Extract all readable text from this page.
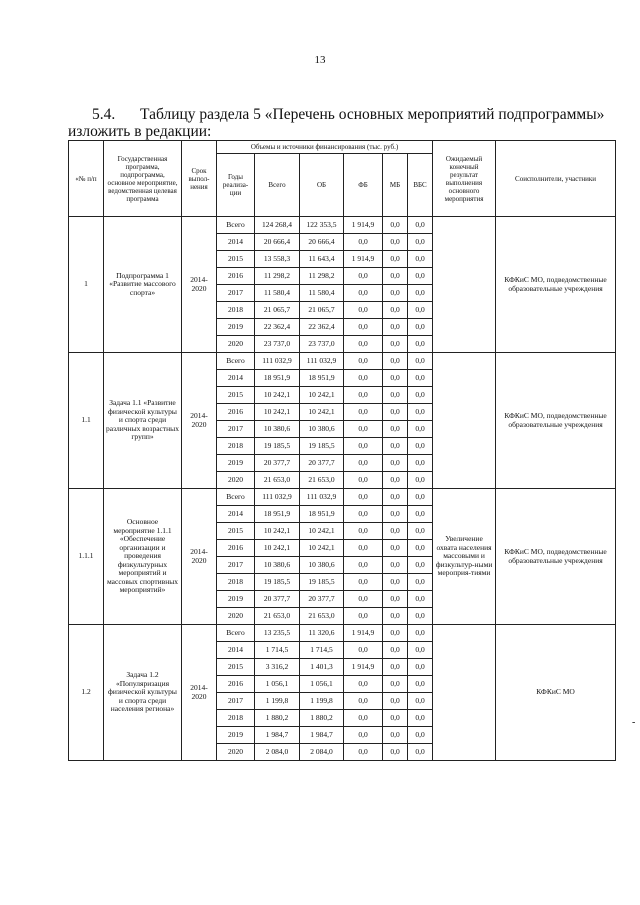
13
5.4. Таблицу раздела 5 «Перечень основных мероприятий подпрограммы» изложить в редакции:
«№ п/п	Государственная программа, подпрограмма, основное мероприятие, ведомственная целевая программа	Срок выпол-нения	Объемы и источники финансирования (тыс. руб.)						Ожидаемый конечный результат выполнения основного мероприятия	Соисполнители, участники
			Годы реализа-ции	Всего	ОБ	ФБ	МБ	ВБС		
1	Подпрограмма 1 «Развитие массового спорта»	2014-2020	Всего	124 268,4	122 353,5	1 914,9	0,0	0,0		КФКиС МО, подведомственные образовательные учреждения
			2014	20 666,4	20 666,4	0,0	0,0	0,0		
			2015	13 558,3	11 643,4	1 914,9	0,0	0,0		
			2016	11 298,2	11 298,2	0,0	0,0	0,0		
			2017	11 580,4	11 580,4	0,0	0,0	0,0		
			2018	21 065,7	21 065,7	0,0	0,0	0,0		
			2019	22 362,4	22 362,4	0,0	0,0	0,0		
			2020	23 737,0	23 737,0	0,0	0,0	0,0		
1.1	Задача 1.1 «Развитие физической культуры и спорта среди различных возрастных групп»	2014-2020	Всего	111 032,9	111 032,9	0,0	0,0	0,0		КФКиС МО, подведомственные образовательные учреждения
			2014	18 951,9	18 951,9	0,0	0,0	0,0		
			2015	10 242,1	10 242,1	0,0	0,0	0,0		
			2016	10 242,1	10 242,1	0,0	0,0	0,0		
			2017	10 380,6	10 380,6	0,0	0,0	0,0		
			2018	19 185,5	19 185,5	0,0	0,0	0,0		
			2019	20 377,7	20 377,7	0,0	0,0	0,0		
			2020	21 653,0	21 653,0	0,0	0,0	0,0		
1.1.1	Основное мероприятие 1.1.1 «Обеспечение организации и проведения физкультурных мероприятий и массовых спортивных мероприятий»	2014-2020	Всего	111 032,9	111 032,9	0,0	0,0	0,0	Увеличение охвата населения массовыми и физкультур-ными мероприя-тиями	КФКиС МО, подведомственные образовательные учреждения
			2014	18 951,9	18 951,9	0,0	0,0	0,0		
			2015	10 242,1	10 242,1	0,0	0,0	0,0		
			2016	10 242,1	10 242,1	0,0	0,0	0,0		
			2017	10 380,6	10 380,6	0,0	0,0	0,0		
			2018	19 185,5	19 185,5	0,0	0,0	0,0		
			2019	20 377,7	20 377,7	0,0	0,0	0,0		
			2020	21 653,0	21 653,0	0,0	0,0	0,0		
1.2	Задача 1.2 «Популяризация физической культуры и спорта среди населения региона»	2014-2020	Всего	13 235,5	11 320,6	1 914,9	0,0	0,0		КФКиС МО
			2014	1 714,5	1 714,5	0,0	0,0	0,0		
			2015	3 316,2	1 401,3	1 914,9	0,0	0,0		
			2016	1 056,1	1 056,1	0,0	0,0	0,0		
			2017	1 199,8	1 199,8	0,0	0,0	0,0		
			2018	1 880,2	1 880,2	0,0	0,0	0,0		
			2019	1 984,7	1 984,7	0,0	0,0	0,0		
			2020	2 084,0	2 084,0	0,0	0,0	0,0		
-
